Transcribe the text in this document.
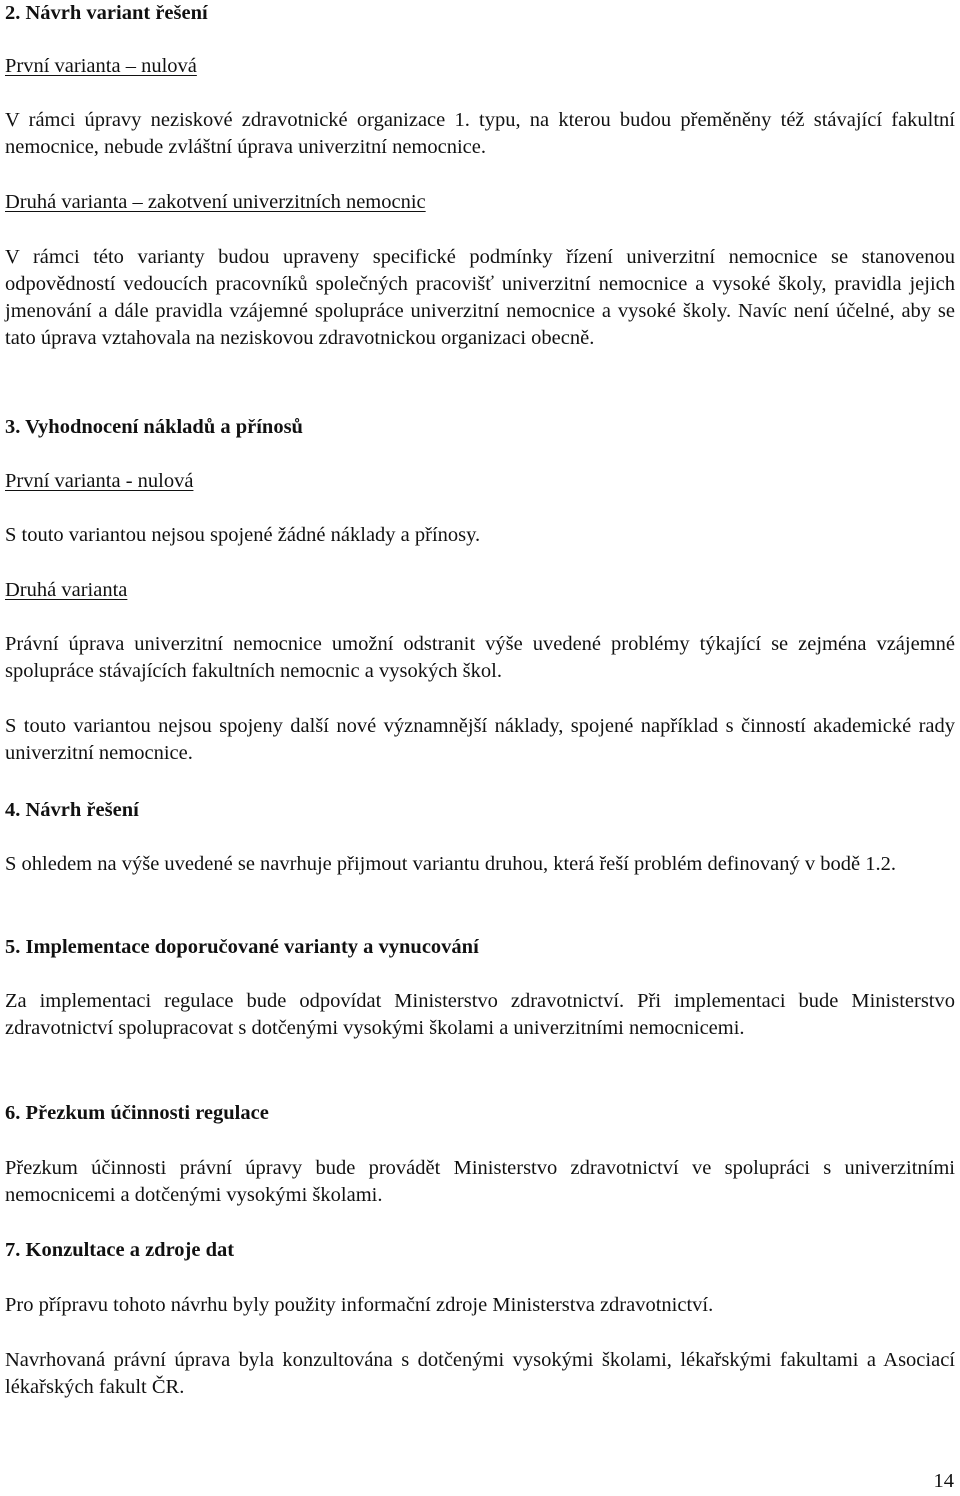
2. Návrh variant řešení

První varianta – nulová

V rámci úpravy neziskové zdravotnické organizace 1. typu, na kterou budou přeměněny též stávající fakultní nemocnice, nebude zvláštní úprava univerzitní nemocnice.

Druhá varianta – zakotvení univerzitních nemocnic

V rámci této varianty budou upraveny specifické podmínky řízení univerzitní nemocnice se stanovenou odpovědností vedoucích pracovníků společných pracovišť univerzitní nemocnice a vysoké školy, pravidla jejich jmenování a dále pravidla vzájemné spolupráce univerzitní nemocnice a vysoké školy. Navíc není účelné, aby se tato úprava vztahovala na neziskovou zdravotnickou organizaci obecně.

3. Vyhodnocení nákladů a přínosů

První varianta - nulová

S touto variantou nejsou spojené žádné náklady a přínosy.

Druhá varianta

Právní úprava univerzitní nemocnice umožní odstranit výše uvedené problémy týkající se zejména vzájemné spolupráce stávajících fakultních nemocnic a vysokých škol.

S touto variantou nejsou spojeny další nové významnější náklady, spojené například s činností akademické rady univerzitní nemocnice.

4. Návrh řešení

S ohledem na výše uvedené se navrhuje přijmout variantu druhou, která řeší problém definovaný v bodě 1.2.

5. Implementace doporučované varianty a vynucování

Za implementaci regulace bude odpovídat Ministerstvo zdravotnictví. Při implementaci bude Ministerstvo zdravotnictví spolupracovat s dotčenými vysokými školami a univerzitními nemocnicemi.

6. Přezkum účinnosti regulace

Přezkum účinnosti právní úpravy bude provádět Ministerstvo zdravotnictví ve spolupráci s univerzitními nemocnicemi a dotčenými vysokými školami.

7. Konzultace a zdroje dat

Pro přípravu tohoto návrhu byly použity informační zdroje Ministerstva zdravotnictví.

Navrhovaná právní úprava byla konzultována s dotčenými vysokými školami, lékařskými fakultami a Asociací lékařských fakult ČR.

14
